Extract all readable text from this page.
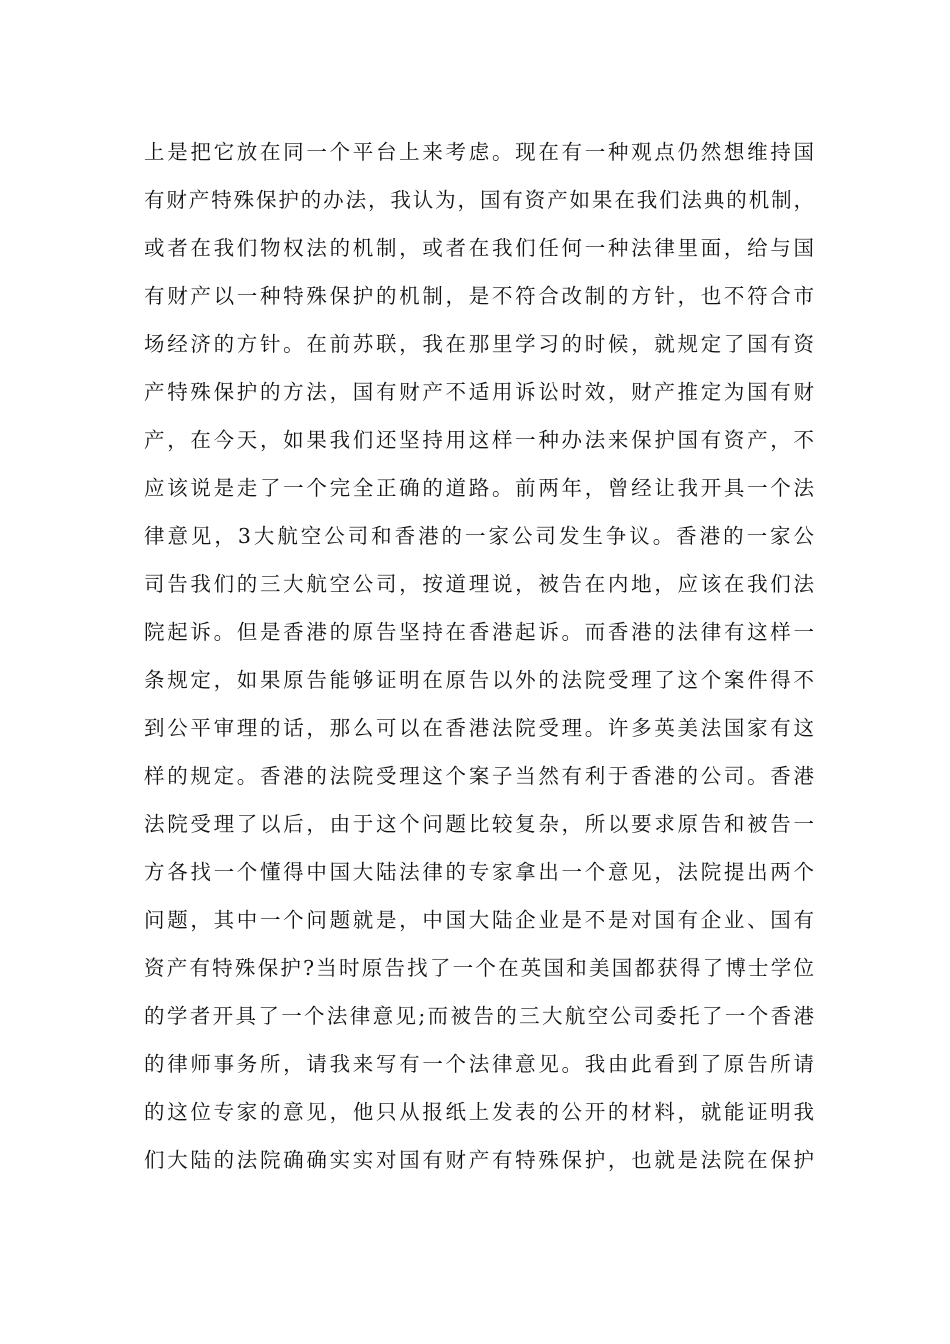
上是把它放在同一个平台上来考虑。现在有一种观点仍然想维持国
有财产特殊保护的办法，我认为，国有资产如果在我们法典的机制，
或者在我们物权法的机制，或者在我们任何一种法律里面，给与国
有财产以一种特殊保护的机制，是不符合改制的方针，也不符合市
场经济的方针。在前苏联，我在那里学习的时候，就规定了国有资
产特殊保护的方法，国有财产不适用诉讼时效，财产推定为国有财
产，在今天，如果我们还坚持用这样一种办法来保护国有资产，不
应该说是走了一个完全正确的道路。前两年，曾经让我开具一个法
律意见，3大航空公司和香港的一家公司发生争议。香港的一家公
司告我们的三大航空公司，按道理说，被告在内地，应该在我们法
院起诉。但是香港的原告坚持在香港起诉。而香港的法律有这样一
条规定，如果原告能够证明在原告以外的法院受理了这个案件得不
到公平审理的话，那么可以在香港法院受理。许多英美法国家有这
样的规定。香港的法院受理这个案子当然有利于香港的公司。香港
法院受理了以后，由于这个问题比较复杂，所以要求原告和被告一
方各找一个懂得中国大陆法律的专家拿出一个意见，法院提出两个
问题，其中一个问题就是，中国大陆企业是不是对国有企业、国有
资产有特殊保护?当时原告找了一个在英国和美国都获得了博士学位
的学者开具了一个法律意见;而被告的三大航空公司委托了一个香港
的律师事务所，请我来写有一个法律意见。我由此看到了原告所请
的这位专家的意见，他只从报纸上发表的公开的材料，就能证明我
们大陆的法院确确实实对国有财产有特殊保护，也就是法院在保护
